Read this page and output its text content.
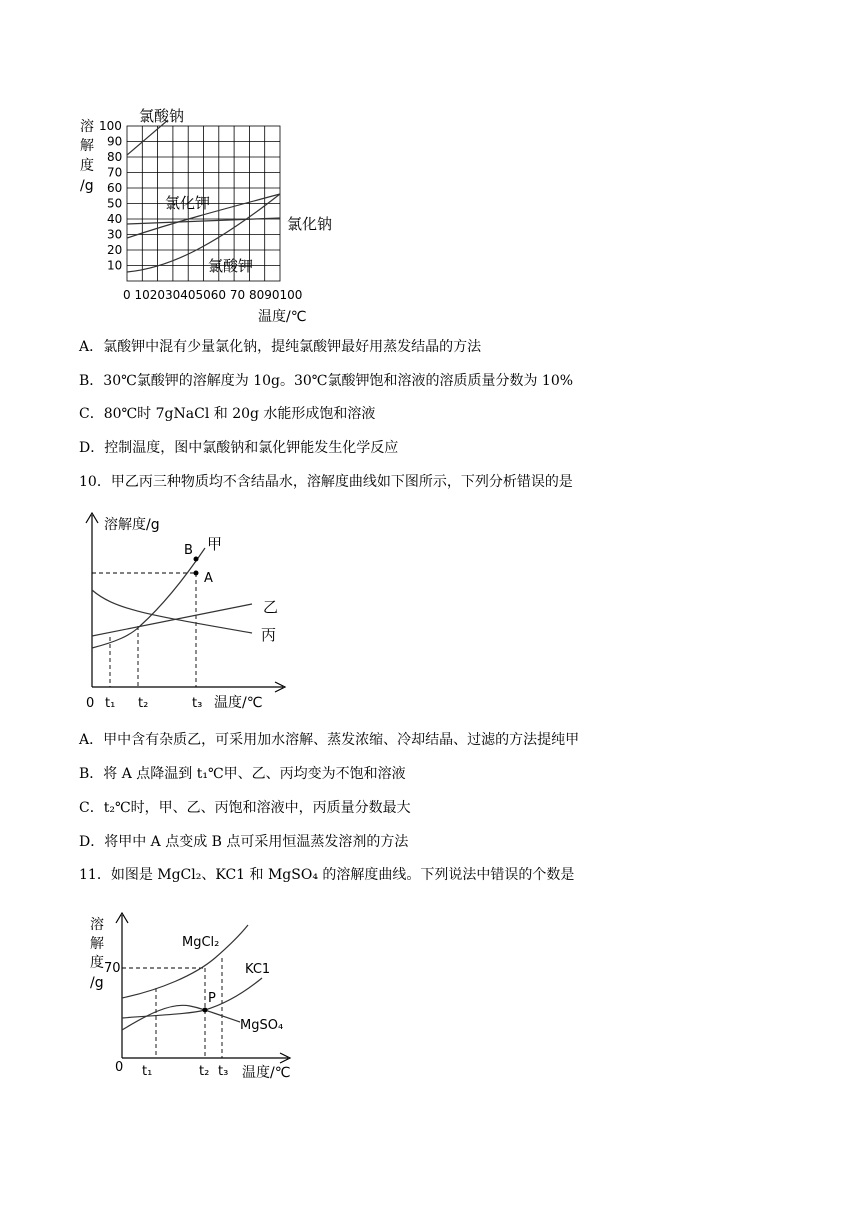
溶
解
度
/g
100
90
80
70
60
50
40
30
20
10
0 102030405060 70 8090100
温度/℃
氯酸钠
氯化钾
氯化钠
氯酸钾
A．氯酸钾中混有少量氯化钠，提纯氯酸钾最好用蒸发结晶的方法
B．30℃氯酸钾的溶解度为 10g。30℃氯酸钾饱和溶液的溶质质量分数为 10%
C．80℃时 7gNaCl 和 20g 水能形成饱和溶液
D．控制温度，图中氯酸钠和氯化钾能发生化学反应
10．甲乙丙三种物质均不含结晶水，溶解度曲线如下图所示，下列分析错误的是
溶解度/g
0 t₁ t₂	t₃ 温度/℃
B
A
甲
乙
丙
A．甲中含有杂质乙，可采用加水溶解、蒸发浓缩、冷却结晶、过滤的方法提纯甲
B．将 A 点降温到 t₁℃甲、乙、丙均变为不饱和溶液
C．t₂℃时，甲、乙、丙饱和溶液中，丙质量分数最大
D．将甲中 A 点变成 B 点可采用恒温蒸发溶剂的方法
11．如图是 MgCl₂、KC1 和 MgSO₄ 的溶解度曲线。下列说法中错误的个数是
溶
解
度
/g
70
0 t₁	t₂ t₃ 温度/℃
P
MgCl₂
KC1
MgSO₄
